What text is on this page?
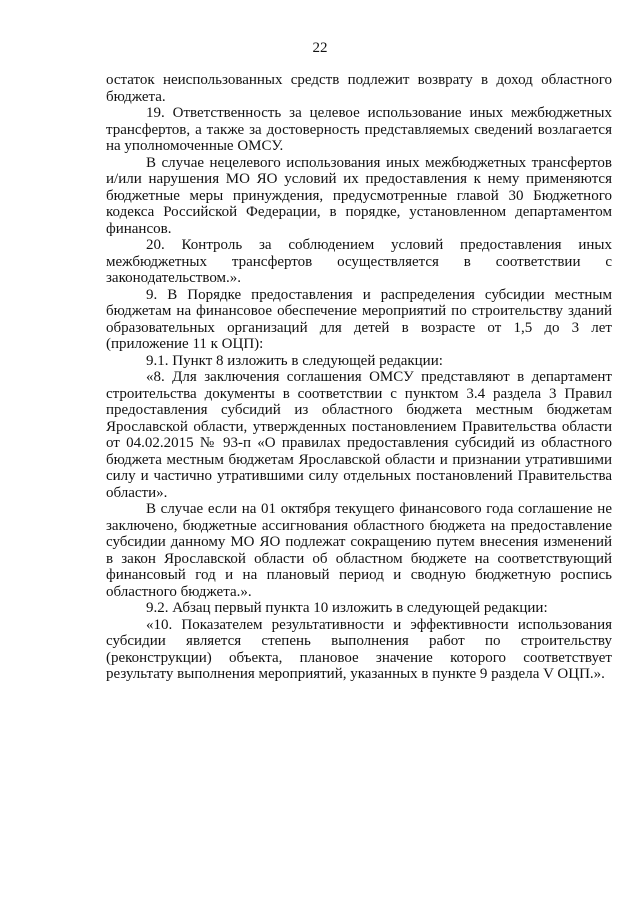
22

остаток неиспользованных средств подлежит возврату в доход областного бюджета.

19. Ответственность за целевое использование иных межбюджетных трансфертов, а также за достоверность представляемых сведений возлагается на уполномоченные ОМСУ.

В случае нецелевого использования иных межбюджетных трансфертов и/или нарушения МО ЯО условий их предоставления к нему применяются бюджетные меры принуждения, предусмотренные главой 30 Бюджетного кодекса Российской Федерации, в порядке, установленном департаментом финансов.

20. Контроль за соблюдением условий предоставления иных межбюджетных трансфертов осуществляется в соответствии с законодательством.».

9. В Порядке предоставления и распределения субсидии местным бюджетам на финансовое обеспечение мероприятий по строительству зданий образовательных организаций для детей в возрасте от 1,5 до 3 лет (приложение 11 к ОЦП):

9.1. Пункт 8 изложить в следующей редакции:

«8. Для заключения соглашения ОМСУ представляют в департамент строительства документы в соответствии с пунктом 3.4 раздела 3 Правил предоставления субсидий из областного бюджета местным бюджетам Ярославской области, утвержденных постановлением Правительства области от 04.02.2015 № 93-п «О правилах предоставления субсидий из областного бюджета местным бюджетам Ярославской области и признании утратившими силу и частично утратившими силу отдельных постановлений Правительства области».

В случае если на 01 октября текущего финансового года соглашение не заключено, бюджетные ассигнования областного бюджета на предоставление субсидии данному МО ЯО подлежат сокращению путем внесения изменений в закон Ярославской области об областном бюджете на соответствующий финансовый год и на плановый период и сводную бюджетную роспись областного бюджета.».

9.2. Абзац первый пункта 10 изложить в следующей редакции:

«10. Показателем результативности и эффективности использования субсидии является степень выполнения работ по строительству (реконструкции) объекта, плановое значение которого соответствует результату выполнения мероприятий, указанных в пункте 9 раздела V ОЦП.».
